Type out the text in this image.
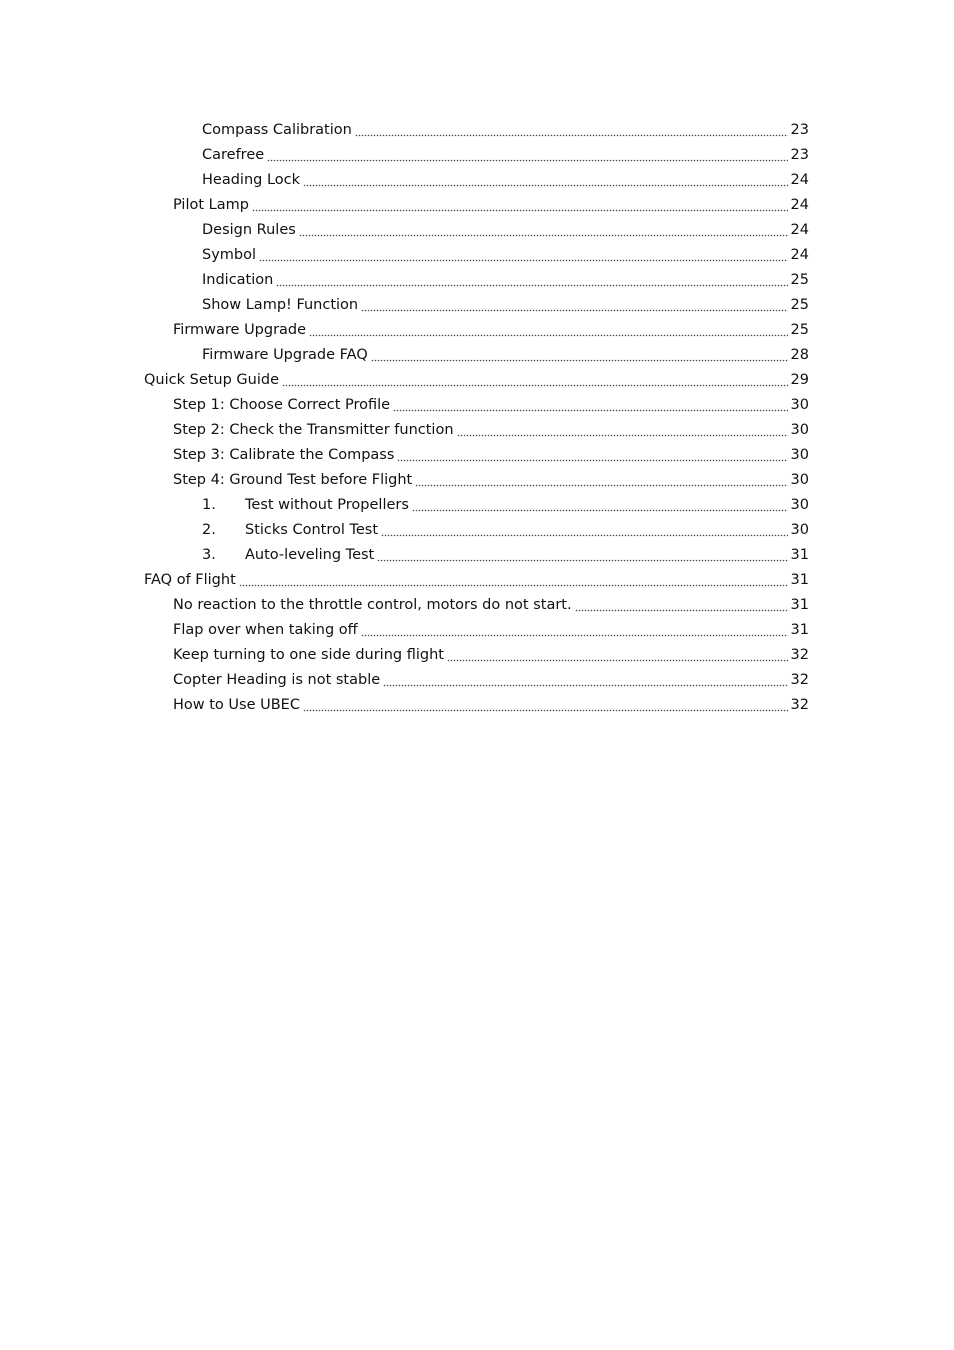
Compass Calibration	23
Carefree	23
Heading Lock	24
Pilot Lamp	24
Design Rules	24
Symbol	24
Indication	25
Show Lamp! Function	25
Firmware Upgrade	25
Firmware Upgrade FAQ	28
Quick Setup Guide	29
Step 1: Choose Correct Profile	30
Step 2: Check the Transmitter function	30
Step 3: Calibrate the Compass	30
Step 4: Ground Test before Flight	30
1. Test without Propellers	30
2. Sticks Control Test	30
3. Auto-leveling Test	31
FAQ of Flight	31
No reaction to the throttle control, motors do not start.	31
Flap over when taking off	31
Keep turning to one side during flight	32
Copter Heading is not stable	32
How to Use UBEC	32
